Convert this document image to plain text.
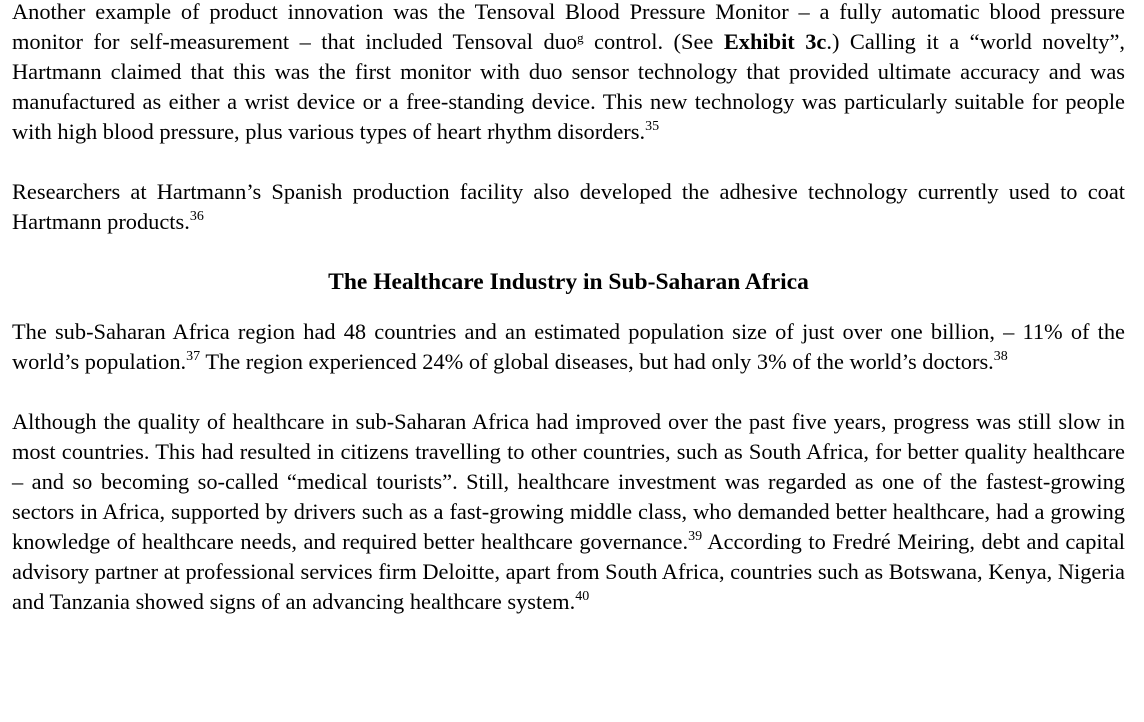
Another example of product innovation was the Tensoval Blood Pressure Monitor – a fully automatic blood pressure monitor for self-measurement – that included Tensoval duo$^g$ control. (See Exhibit 3c.) Calling it a “world novelty”, Hartmann claimed that this was the first monitor with duo sensor technology that provided ultimate accuracy and was manufactured as either a wrist device or a free-standing device. This new technology was particularly suitable for people with high blood pressure, plus various types of heart rhythm disorders.$^{35}$

Researchers at Hartmann’s Spanish production facility also developed the adhesive technology currently used to coat Hartmann products.$^{36}$

The Healthcare Industry in Sub-Saharan Africa

The sub-Saharan Africa region had 48 countries and an estimated population size of just over one billion, – 11% of the world’s population.$^{37}$ The region experienced 24% of global diseases, but had only 3% of the world’s doctors.$^{38}$

Although the quality of healthcare in sub-Saharan Africa had improved over the past five years, progress was still slow in most countries. This had resulted in citizens travelling to other countries, such as South Africa, for better quality healthcare – and so becoming so-called “medical tourists”. Still, healthcare investment was regarded as one of the fastest-growing sectors in Africa, supported by drivers such as a fast-growing middle class, who demanded better healthcare, had a growing knowledge of healthcare needs, and required better healthcare governance.$^{39}$ According to Fredré Meiring, debt and capital advisory partner at professional services firm Deloitte, apart from South Africa, countries such as Botswana, Kenya, Nigeria and Tanzania showed signs of an advancing healthcare system.$^{40}$
